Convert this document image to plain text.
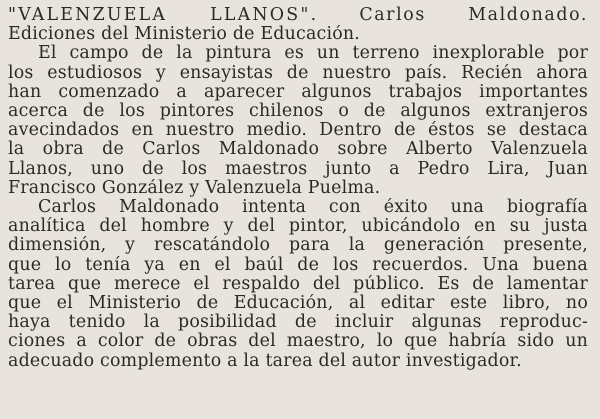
"VALENZUELA LLANOS". Carlos Maldonado.
Ediciones del Ministerio de Educación.
El campo de la pintura es un terreno inexplorable por
los estudiosos y ensayistas de nuestro país. Recién ahora
han comenzado a aparecer algunos trabajos importantes
acerca de los pintores chilenos o de algunos extranjeros
avecindados en nuestro medio. Dentro de éstos se destaca
la obra de Carlos Maldonado sobre Alberto Valenzuela
Llanos, uno de los maestros junto a Pedro Lira, Juan
Francisco González y Valenzuela Puelma.
Carlos Maldonado intenta con éxito una biografía
analítica del hombre y del pintor, ubicándolo en su justa
dimensión, y rescatándolo para la generación presente,
que lo tenía ya en el baúl de los recuerdos. Una buena
tarea que merece el respaldo del público. Es de lamentar
que el Ministerio de Educación, al editar este libro, no
haya tenido la posibilidad de incluir algunas reproduc-
ciones a color de obras del maestro, lo que habría sido un
adecuado complemento a la tarea del autor investigador.
